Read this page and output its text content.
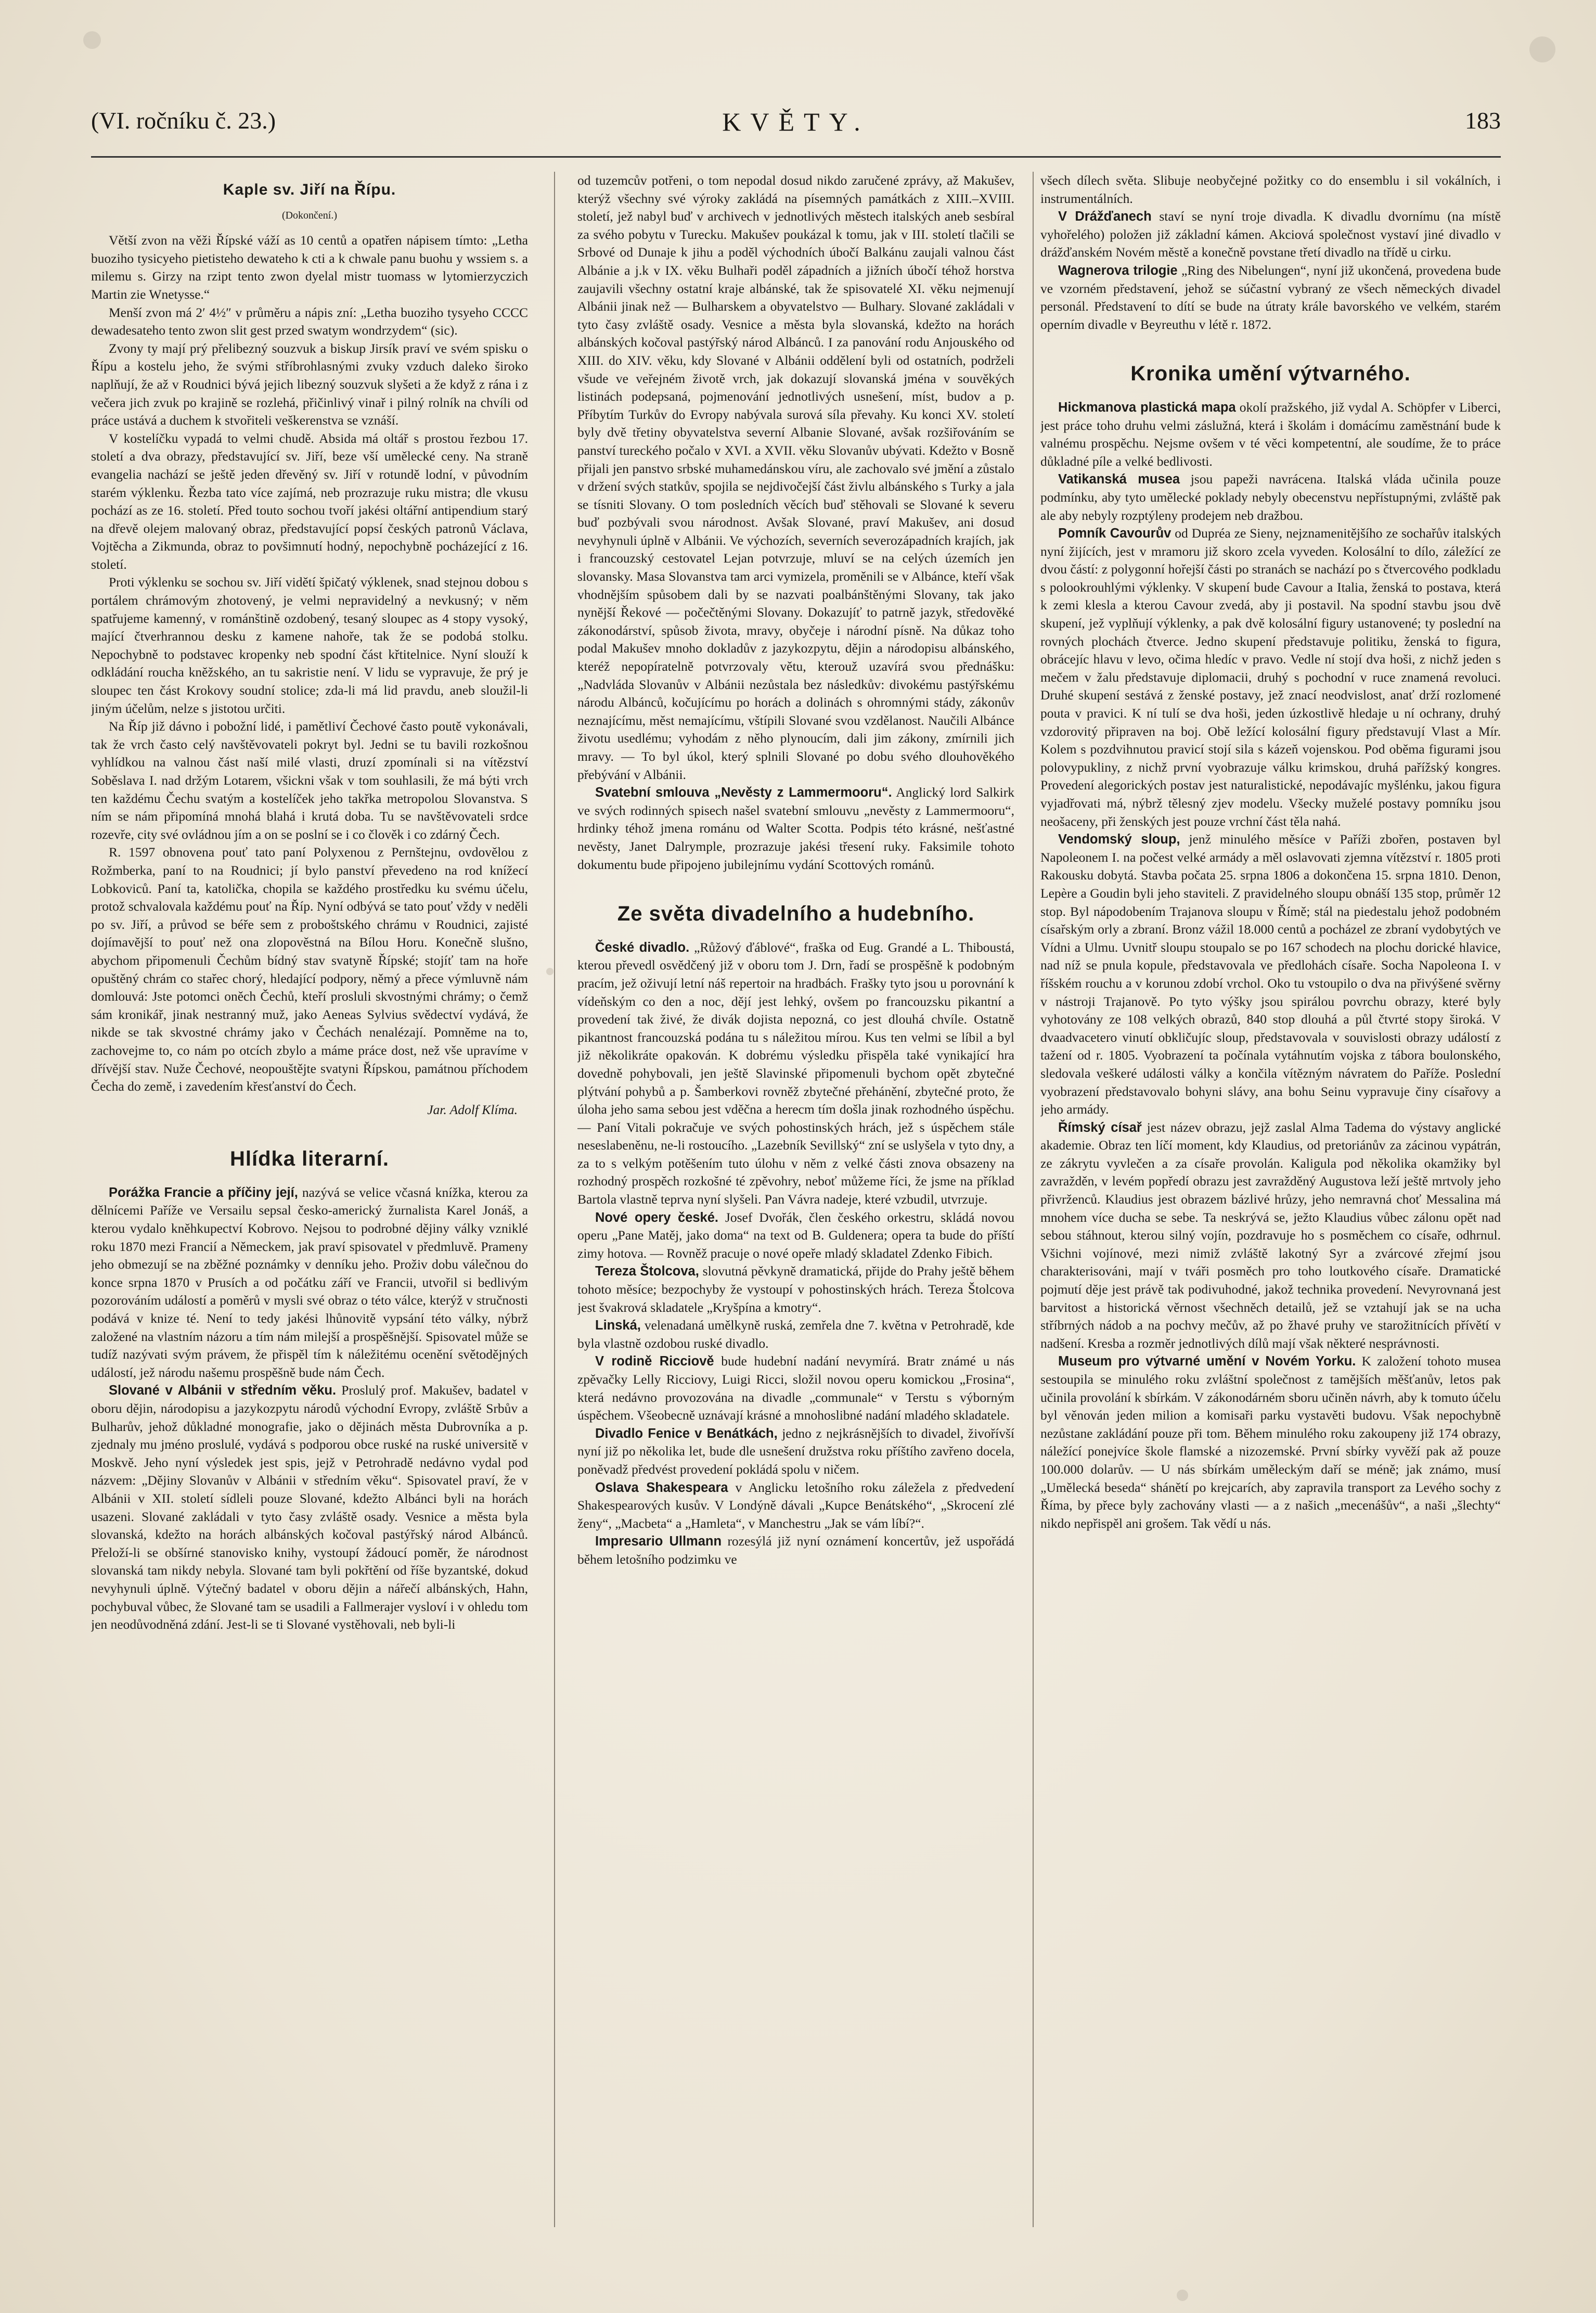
(VI. ročníku č. 23.)	KVĚTY.	183
Kaple sv. Jiří na Řípu.
(Dokončení.)

Větší zvon na věži Řípské váží as 10 centů a opatřen nápisem tímto: „Letha buoziho tysicyeho pietisteho dewateho k cti a k chwale panu buohu y wssiem s. a milemu s. Girzy na rzipt tento zwon dyelal mistr tuomass w lytomierzyczich Martin zie Wnetysse.“

Menší zvon má 2′ 4½″ v průměru a nápis zní: „Letha buoziho tysyeho CCCC dewadesateho tento zwon slit gest przed swatym wondrzydem“ (sic).

Zvony ty mají prý přelibezný souzvuk a biskup Jirsík praví ve svém spisku o Řípu a kostelu jeho, že svými stříbrohlasnými zvuky vzduch daleko široko naplňují, že až v Roudnici bývá jejich libezný souzvuk slyšeti a že když z rána i z večera jich zvuk po krajině se rozlehá, přičinlivý vinař i pilný rolník na chvíli od práce ustává a duchem k stvořiteli veškerenstva se vznáší.

V kostelíčku vypadá to velmi chudě. Absida má oltář s prostou řezbou 17. století a dva obrazy, představující sv. Jiří, beze vší umělecké ceny. Na straně evangelia nachází se ještě jeden dřevěný sv. Jiří v rotundě lodní, v původním starém výklenku. Řezba tato více zajímá, neb prozrazuje ruku mistra; dle vkusu pochází as ze 16. století. Před touto sochou tvoří jakési oltářní antipendium starý na dřevě olejem malovaný obraz, představující popsí českých patronů Václava, Vojtěcha a Zikmunda, obraz to povšimnutí hodný, nepochybně pocházející z 16. století.

Proti výklenku se sochou sv. Jiří vidětí špičatý výklenek, snad stejnou dobou s portálem chrámovým zhotovený, je velmi nepravidelný a nevkusný; v něm spatřujeme kamenný, v románštině ozdobený, tesaný sloupec as 4 stopy vysoký, mající čtverhrannou desku z kamene nahoře, tak že se podobá stolku. Nepochybně to podstavec kropenky neb spodní část křtitelnice. Nyní slouží k odkládání roucha kněžského, an tu sakristie není. V lidu se vypravuje, že prý je sloupec ten část Krokovy soudní stolice; zda-li má lid pravdu, aneb sloužil-li jiným účelům, nelze s jistotou určiti.

Na Říp již dávno i pobožní lidé, i pamětliví Čechové často poutě vykonávali, tak že vrch často celý navštěvovateli pokryt byl. Jedni se tu bavili rozkošnou vyhlídkou na valnou část naší milé vlasti, druzí zpomínali si na vítězství Soběslava I. nad držým Lotarem, všickni však v tom souhlasili, že má býti vrch ten každému Čechu svatým a kostelíček jeho takřka metropolou Slovanstva. S ním se nám připomíná mnohá blahá i krutá doba. Tu se navštěvovateli srdce rozevře, city své ovládnou jím a on se poslní se i co člověk i co zdárný Čech.

R. 1597 obnovena pouť tato paní Polyxenou z Pernštejnu, ovdovělou z Rožmberka, paní to na Roudnici; jí bylo panství převedeno na rod knížecí Lobkoviců. Paní ta, katolička, chopila se každého prostředku ku svému účelu, protož schvalovala každému pouť na Říp. Nyní odbývá se tato pouť vždy v neděli po sv. Jiří, a průvod se béře sem z proboštského chrámu v Roudnici, zajisté dojímavější to pouť než ona zlopověstná na Bílou Horu. Konečně slušno, abychom připomenuli Čechům bídný stav svatyně Řípské; stojíť tam na hoře opuštěný chrám co stařec chorý, hledající podpory, němý a přece výmluvně nám domlouvá: Jste potomci oněch Čechů, kteří prosluli skvostnými chrámy; o čemž sám kronikář, jinak nestranný muž, jako Aeneas Sylvius svědectví vydává, že nikde se tak skvostné chrámy jako v Čechách nenalézají. Pomněme na to, zachovejme to, co nám po otcích zbylo a máme práce dost, než vše upravíme v dřívější stav. Nuže Čechové, neopouštějte svatyni Řípskou, památnou příchodem Čecha do země, i zavedením křesťanství do Čech.

Jar. Adolf Klíma.
Hlídka literarní.

Porážka Francie a příčiny její, nazývá se velice včasná knížka, kterou za dělnícemi Paříže ve Versailu sepsal česko-americký žurnalista Karel Jonáš, a kterou vydalo kněhkupectví Kobrovo. Nejsou to podrobné dějiny války vzniklé roku 1870 mezi Francií a Německem, jak praví spisovatel v předmluvě. Prameny jeho obmezují se na zběžné poznámky v denníku jeho. Proživ dobu válečnou do konce srpna 1870 v Prusích a od počátku září ve Francii, utvořil si bedlivým pozorováním událostí a poměrů v mysli své obraz o této válce, kterýž v stručnosti podává v knize té. Není to tedy jakési lhůnovitě vypsání této války, nýbrž založené na vlastním názoru a tím nám milejší a prospěšnější. Spisovatel může se tudíž nazývati svým právem, že přispěl tím k náležitému ocenění světodějných událostí, jež národu našemu prospěšně bude nám Čech.

Slované v Albánii v středním věku. Proslulý prof. Makušev, badatel v oboru dějin, národopisu a jazykozpytu národů východní Evropy, zvláště Srbův a Bulharův, jehož důkladné monografie, jako o dějinách města Dubrovníka a p. zjednaly mu jméno proslulé, vydává s podporou obce ruské na ruské universitě v Moskvě. Jeho nyní výsledek jest spis, jejž v Petrohradě nedávno vydal pod názvem: „Dějiny Slovanův v Albánii v středním věku“. Spisovatel praví, že v Albánii v XII. století sídleli pouze Slované, kdežto Albánci byli na horách usazeni. Slované zakládali v tyto časy zvláště osady. Vesnice a města byla slovanská, kdežto na horách albánských kočoval pastýřský národ Albánců. Přeloží-li se obšírné stanovisko knihy, vystoupí žádoucí poměr, že národnost slovanská tam nikdy nebyla. Slované tam byli pokřtění od říše byzantské, dokud nevyhynuli úplně. Výtečný badatel v oboru dějin a nářečí albánských, Hahn, pochybuval vůbec, že Slované tam se usadili a Fallmerajer vysloví i v ohledu tom jen neodůvodněná zdání. Jest-li se ti Slované vystěhovali, neb byli-li

od tuzemcův potřeni, o tom nepodal dosud nikdo zaručené zprávy, až Makušev, kterýž všechny své výroky zakládá na písemných památkách z XIII.–XVIII. století, jež nabyl buď v archivech v jednotlivých městech italských aneb sesbíral za svého pobytu v Turecku. Makušev poukázal k tomu, jak v III. století tlačili se Srbové od Dunaje k jihu a poděl východních úbočí Balkánu zaujali valnou část Albánie a j.k v IX. věku Bulhaři poděl západních a jižních úbočí téhož horstva zaujavili všechny ostatní kraje albánské, tak že spisovatelé XI. věku nejmenují Albánii jinak než — Bulharskem a obyvatelstvo — Bulhary. Slované zakládali v tyto časy zvláště osady. Vesnice a města byla slovanská, kdežto na horách albánských kočoval pastýřský národ Albánců. I za panování rodu Anjouského od XIII. do XIV. věku, kdy Slované v Albánii oddělení byli od ostatních, podrželi všude ve veřejném životě vrch, jak dokazují slovanská jména v souvěkých listinách podepsaná, pojmenování jednotlivých usnešení, míst, budov a p. Příbytím Turkův do Evropy nabývala surová síla převahy. Ku konci XV. století byly dvě třetiny obyvatelstva severní Albanie Slované, avšak rozšiřováním se panství tureckého počalo v XVI. a XVII. věku Slovanův ubývati. Kdežto v Bosně přijali jen panstvo srbské muhamedánskou víru, ale zachovalo své jmění a zůstalo v držení svých statkův, spojila se nejdivočejší část živlu albánského s Turky a jala se tísniti Slovany. O tom posledních věcích buď stěhovali se Slované k severu buď pozbývali svou národnost. Avšak Slované, praví Makušev, ani dosud nevyhynuli úplně v Albánii. Ve výchozích, severních severozápadních krajích, jak i francouzský cestovatel Lejan potvrzuje, mluví se na celých územích jen slovansky. Masa Slovanstva tam arci vymizela, proměnili se v Albánce, kteří však vhodnějším spůsobem dali by se nazvati poalbánštěnými Slovany, tak jako nynější Řekové — počečtěnými Slovany. Dokazujíť to patrně jazyk, středověké zákonodárství, spůsob života, mravy, obyčeje i národní písně. Na důkaz toho podal Makušev mnoho dokladův z jazykozpytu, dějin a národopisu albánského, kteréž nepopíratelně potvrzovaly větu, kterouž uzavírá svou přednášku: „Nadvláda Slovanův v Albánii nezůstala bez následkův: divokému pastýřskému národu Albánců, kočujícímu po horách a dolinách s ohromnými stády, zákonův neznajícímu, měst nemajícímu, vštípili Slované svou vzdělanost. Naučili Albánce životu usedlému; vyhodám z něho plynoucím, dali jim zákony, zmírnili jich mravy. — To byl úkol, který splnili Slované po dobu svého dlouhověkého přebývání v Albánii.

Svatební smlouva „Nevěsty z Lammermooru“. Anglický lord Salkirk ve svých rodinných spisech našel svatební smlouvu „nevěsty z Lammermooru“, hrdinky téhož jmena románu od Walter Scotta. Podpis této krásné, nešťastné nevěsty, Janet Dalrymple, prozrazuje jakési třesení ruky. Faksimile tohoto dokumentu bude připojeno jubilejnímu vydání Scottových románů.

Ze světa divadelního a hudebního.

České divadlo. „Růžový ďáblové“, fraška od Eug. Grandé a L. Thiboustá, kterou převedl osvědčený již v oboru tom J. Drn, řadí se prospěšně k podobným pracím, jež oživují letní náš repertoir na hradbách. Frašky tyto jsou u porovnání k vídeňským co den a noc, dějí jest lehký, ovšem po francouzsku pikantní a provedení tak živé, že divák dojista nepozná, co jest dlouhá chvíle. Ostatně pikantnost francouzská podána tu s náležitou mírou. Kus ten velmi se líbil a byl již několikráte opakován. K dobrému výsledku přispěla také vynikající hra dovedně pohybovali, jen ještě Slavinské připomenuli bychom opět zbytečné plýtvání pohybů a p. Šamberkovi rovněž zbytečné přehánění, zbytečné proto, že úloha jeho sama sebou jest vděčna a herecm tím došla jinak rozhodného úspěchu. — Paní Vitali pokračuje ve svých pohostinských hrách, jež s úspěchem stále neseslabeněnu, ne-li rostoucího. „Lazebník Sevillský“ zní se uslyšela v tyto dny, a za to s velkým potěšením tuto úlohu v něm z velké části znova obsazeny na rozhodný prospěch rozkošné té zpěvohry, neboť můžeme říci, že jsme na příklad Bartola vlastně teprva nyní slyšeli. Pan Vávra nadeje, které vzbudil, utvrzuje.

Nové opery české. Josef Dvořák, člen českého orkestru, skládá novou operu „Pane Matěj, jako doma“ na text od B. Guldenera; opera ta bude do příští zimy hotova. — Rovněž pracuje o nové opeře mladý skladatel Zdenko Fibich.

Tereza Štolcova, slovutná pěvkyně dramatická, přijde do Prahy ještě během tohoto měsíce; bezpochyby že vystoupí v pohostinských hrách. Tereza Štolcova jest švakrová skladatele „Kryšpína a kmotry“.

Linská, velenadaná umělkyně ruská, zemřela dne 7. května v Petrohradě, kde byla vlastně ozdobou ruské divadlo.

V rodině Ricciově bude hudební nadání nevymírá. Bratr známé u nás zpěvačky Lelly Ricciovy, Luigi Ricci, složil novou operu komickou „Frosina“, která nedávno provozována na divadle „communale“ v Terstu s výborným úspěchem. Všeobecně uznávají krásné a mnohoslibné nadání mladého skladatele.

Divadlo Fenice v Benátkách, jedno z nejkrásnějších to divadel, živořívší nyní již po několika let, bude dle usnešení družstva roku příštího zavřeno docela, poněvadž předvést provedení pokládá spolu v ničem.

Oslava Shakespeara v Anglicku letošního roku záležela z předvedení Shakespearových kusův. V Londýně dávali „Kupce Benátského“, „Skrocení zlé ženy“, „Macbeta“ a „Hamleta“, v Manchestru „Jak se vám líbí?“.

Impresario Ullmann rozesýlá již nyní oznámení koncertův, jež uspořádá během letošního podzimku ve

všech dílech světa. Slibuje neobyčejné požitky co do ensemblu i sil vokálních, i instrumentálních.

V Drážďanech staví se nyní troje divadla. K divadlu dvornímu (na místě vyhořelého) položen již základní kámen. Akciová společnost vystaví jiné divadlo v drážďanském Novém městě a konečně povstane třetí divadlo na třídě u cirku.

Wagnerova trilogie „Ring des Nibelungen“, nyní již ukončená, provedena bude ve vzorném představení, jehož se súčastní vybraný ze všech německých divadel personál. Představení to dítí se bude na útraty krále bavorského ve velkém, starém operním divadle v Beyreuthu v létě r. 1872.

Kronika umění výtvarného.

Hickmanova plastická mapa okolí pražského, již vydal A. Schöpfer v Liberci, jest práce toho druhu velmi záslužná, která i školám i domácímu zaměstnání bude k valnému prospěchu. Nejsme ovšem v té věci kompetentní, ale soudíme, že to práce důkladné píle a velké bedlivosti.

Vatikanská musea jsou papeži navrácena. Italská vláda učinila pouze podmínku, aby tyto umělecké poklady nebyly obecenstvu nepřístupnými, zvláště pak ale aby nebyly rozptýleny prodejem neb dražbou.

Pomník Cavourův od Dupréa ze Sieny, nejznamenitějšího ze sochařův italských nyní žijících, jest v mramoru již skoro zcela vyveden. Kolosální to dílo, záležící ze dvou částí: z polygonní hořejší části po stranách se nachází po s čtvercového podkladu s polookrouhlými výklenky. V skupení bude Cavour a Italia, ženská to postava, která k zemi klesla a kterou Cavour zvedá, aby ji postavil. Na spodní stavbu jsou dvě skupení, jež vyplňují výklenky, a pak dvě kolosální figury ustanovené; ty poslední na rovných plochách čtverce. Jedno skupení představuje politiku, ženská to figura, obrácejíc hlavu v levo, očima hledíc v pravo. Vedle ní stojí dva hoši, z nichž jeden s mečem v žalu představuje diplomacii, druhý s pochodní v ruce znamená revoluci. Druhé skupení sestává z ženské postavy, jež znací neodvislost, anať drží rozlomené pouta v pravici. K ní tulí se dva hoši, jeden úzkostlivě hledaje u ní ochrany, druhý vzdorovitý připraven na boj. Obě ležící kolosální figury představují Vlast a Mír. Kolem s pozdvihnutou pravicí stojí sila s kázeň vojenskou. Pod oběma figurami jsou polovypukliny, z nichž první vyobrazuje válku krimskou, druhá pařížský kongres. Provedení alegorických postav jest naturalistické, nepodávajíc myšlénku, jakou figura vyjadřovati má, nýbrž tělesný zjev modelu. Všecky muželé postavy pomníku jsou neošaceny, při ženských jest pouze vrchní část těla nahá.

Vendomský sloup, jenž minulého měsíce v Paříži zbořen, postaven byl Napoleonem I. na počest velké armády a měl oslavovati zjemna vítězství r. 1805 proti Rakousku dobytá. Stavba počata 25. srpna 1806 a dokončena 15. srpna 1810. Denon, Lepère a Goudin byli jeho staviteli. Z pravidelného sloupu obnáší 135 stop, průměr 12 stop. Byl nápodobením Trajanova sloupu v Římě; stál na piedestalu jehož podobném císařským orly a zbraní. Bronz vážil 18.000 centů a pocházel ze zbraní vydobytých ve Vídni a Ulmu. Uvnitř sloupu stoupalo se po 167 schodech na plochu dorické hlavice, nad níž se pnula kopule, představovala ve předlohách císaře. Socha Napoleona I. v říšském rouchu a v korunou zdobí vrchol. Oko tu vstoupilo o dva na přivýšené svěrny v nástroji Trajanově. Po tyto výšky jsou spirálou povrchu obrazy, které byly vyhotovány ze 108 velkých obrazů, 840 stop dlouhá a půl čtvrté stopy široká. V dvaadvacetero vinutí obkličujíc sloup, představovala v souvislosti obrazy událostí z tažení od r. 1805. Vyobrazení ta počínala vytáhnutím vojska z tábora boulonského, sledovala veškeré události války a končila vítězným návratem do Paříže. Poslední vyobrazení představovalo bohyni slávy, ana bohu Seinu vypravuje činy císařovy a jeho armády.

Římský císař jest název obrazu, jejž zaslal Alma Tadema do výstavy anglické akademie. Obraz ten líčí moment, kdy Klaudius, od pretoriánův za zácinou vypátrán, ze zákrytu vyvlečen a za císaře provolán. Kaligula pod několika okamžiky byl zavražděn, v levém popředí obrazu jest zavražděný Augustova leží ještě mrtvoly jeho přivrženců. Klaudius jest obrazem bázlivé hrůzy, jeho nemravná choť Messalina má mnohem více ducha se sebe. Ta neskrývá se, ježto Klaudius vůbec zálonu opět nad sebou stáhnout, kterou silný vojín, pozdravuje ho s posměchem co císaře, odhrnul. Všichni vojínové, mezi nimiž zvláště lakotný Syr a zvárcové zřejmí jsou charakterisováni, mají v tváři posměch pro toho loutkového císaře. Dramatické pojmutí děje jest právě tak podivuhodné, jakož technika provedení. Nevyrovnaná jest barvitost a historická věrnost všechněch detailů, jež se vztahují jak se na ucha stříbrných nádob a na pochvy mečův, až po žhavé pruhy ve starožitnících přívětí v nadšení. Kresba a rozměr jednotlivých dílů mají však některé nesprávnosti.

Museum pro výtvarné umění v Novém Yorku. K založení tohoto musea sestoupila se minulého roku zvláštní společnost z tamějších měšťanův, letos pak učinila provolání k sbírkám. V zákonodárném sboru učiněn návrh, aby k tomuto účelu byl věnován jeden milion a komisaři parku vystavěti budovu. Však nepochybně nezůstane zakládání pouze při tom. Během minulého roku zakoupeny již 174 obrazy, náležící ponejvíce škole flamské a nizozemské. První sbírky vyvěží pak až pouze 100.000 dolarův. — U nás sbírkám uměleckým daří se méně; jak známo, musí „Umělecká beseda“ shánětí po krejcarích, aby zapravila transport za Levého sochy z Říma, by přece byly zachovány vlasti — a z našich „mecenášův“, a naši „šlechty“ nikdo nepřispěl ani grošem. Tak vědí u nás.
